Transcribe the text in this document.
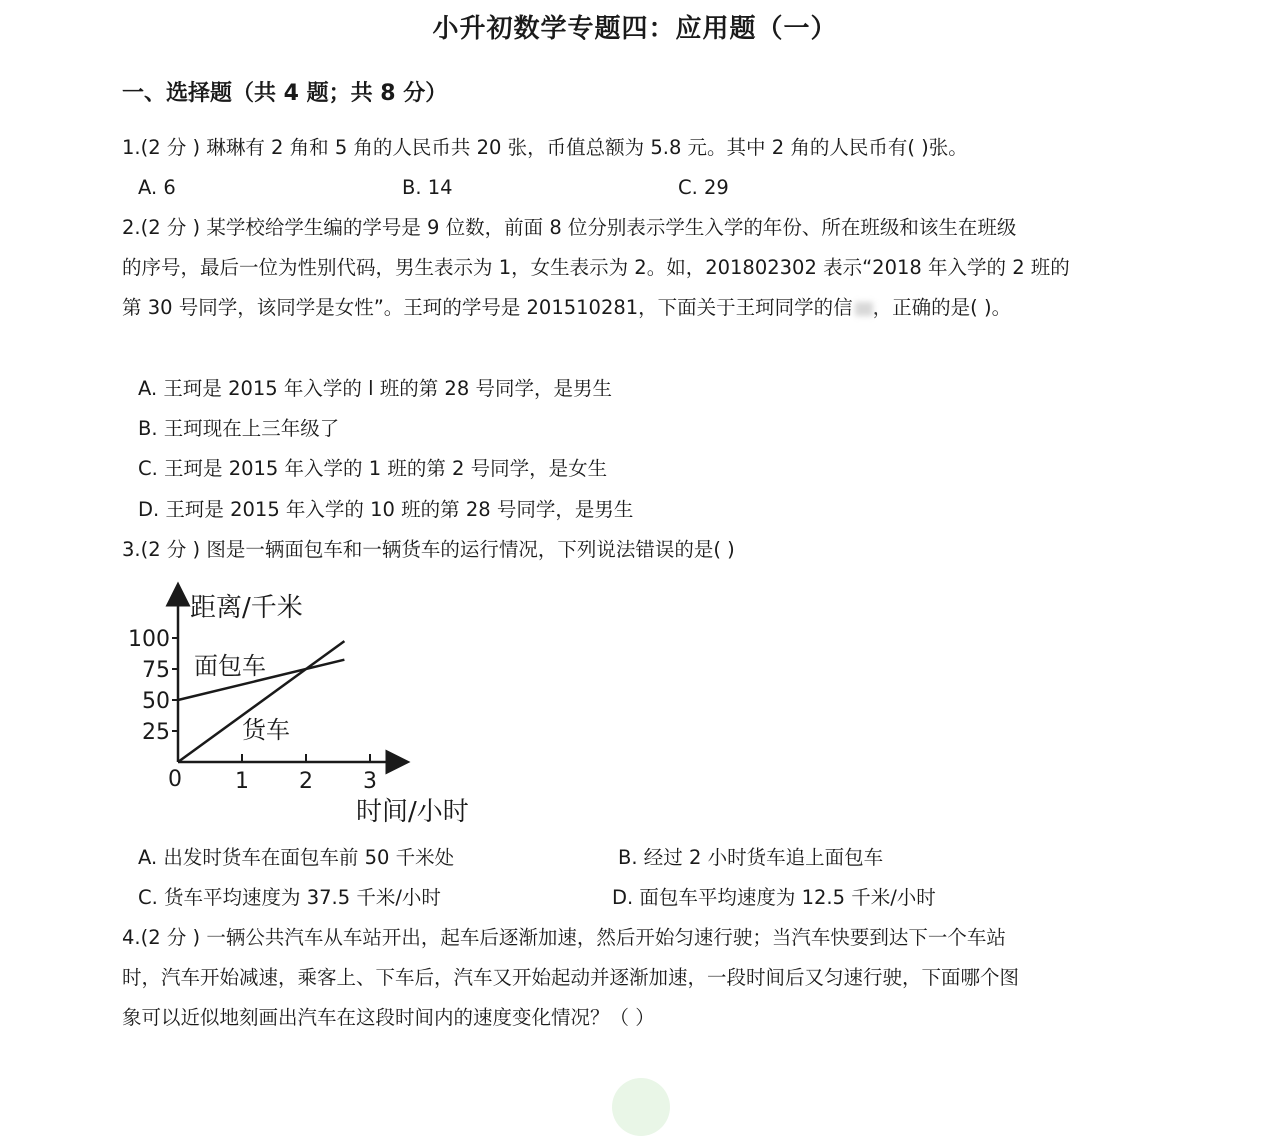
小升初数学专题四：应用题（一）
一、选择题（共 4 题；共 8 分）
1.(2 分 ) 琳琳有 2 角和 5 角的人民币共 20 张，币值总额为 5.8 元。其中 2 角的人民币有( )张。
A. 6	B. 14	C. 29
2.(2 分 ) 某学校给学生编的学号是 9 位数，前面 8 位分别表示学生入学的年份、所在班级和该生在班级
的序号，最后一位为性别代码，男生表示为 1，女生表示为 2。如，201802302 表示“2018 年入学的 2 班的
第 30 号同学，该同学是女性”。王珂的学号是 201510281，下面关于王珂同学的信 ，正确的是( )。
A. 王珂是 2015 年入学的 l 班的第 28 号同学，是男生
B. 王珂现在上三年级了
C. 王珂是 2015 年入学的 1 班的第 2 号同学，是女生
D. 王珂是 2015 年入学的 10 班的第 28 号同学，是男生
3.(2 分 ) 图是一辆面包车和一辆货车的运行情况，下列说法错误的是( )
距离/千米
时间/小时
0 1 2 3
25
50
75
100
面包车
货车
A. 出发时货车在面包车前 50 千米处	B. 经过 2 小时货车追上面包车
C. 货车平均速度为 37.5 千米/小时	D. 面包车平均速度为 12.5 千米/小时
4.(2 分 ) 一辆公共汽车从车站开出，起车后逐渐加速，然后开始匀速行驶；当汽车快要到达下一个车站
时，汽车开始减速，乘客上、下车后，汽车又开始起动并逐渐加速，一段时间后又匀速行驶，下面哪个图
象可以近似地刻画出汽车在这段时间内的速度变化情况？（ ）
